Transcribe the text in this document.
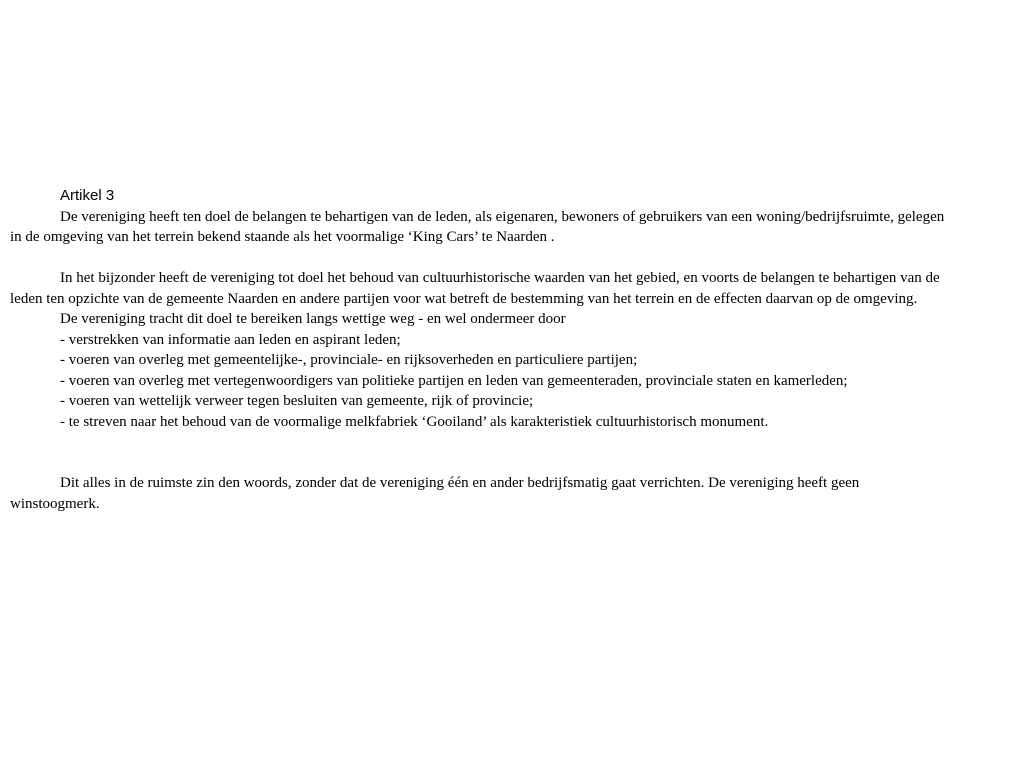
Artikel 3

De vereniging heeft ten doel de belangen te behartigen van de leden, als eigenaren, bewoners of gebruikers van een woning/bedrijfsruimte, gelegen in de omgeving van het terrein bekend staande als het voormalige ‘King Cars’ te Naarden .

In het bijzonder heeft de vereniging tot doel het behoud van cultuurhistorische waarden van het gebied, en voorts de belangen te behartigen van de leden ten opzichte van de gemeente Naarden en andere partijen voor wat betreft de bestemming van het terrein en de effecten daarvan op de omgeving.

De vereniging tracht dit doel te bereiken langs wettige weg - en wel ondermeer door

- verstrekken van informatie aan leden en aspirant leden;

- voeren van overleg met gemeentelijke-, provinciale- en rijksoverheden en particuliere partijen;

- voeren van overleg met vertegenwoordigers van politieke partijen en leden van gemeenteraden, provinciale staten en kamerleden;

- voeren van wettelijk verweer tegen besluiten van gemeente, rijk of provincie;

- te streven naar het behoud van de voormalige melkfabriek ‘Gooiland’ als karakteristiek cultuurhistorisch monument.

Dit alles in de ruimste zin den woords, zonder dat de vereniging één en ander bedrijfsmatig gaat verrichten. De vereniging heeft geen winstoogmerk.
